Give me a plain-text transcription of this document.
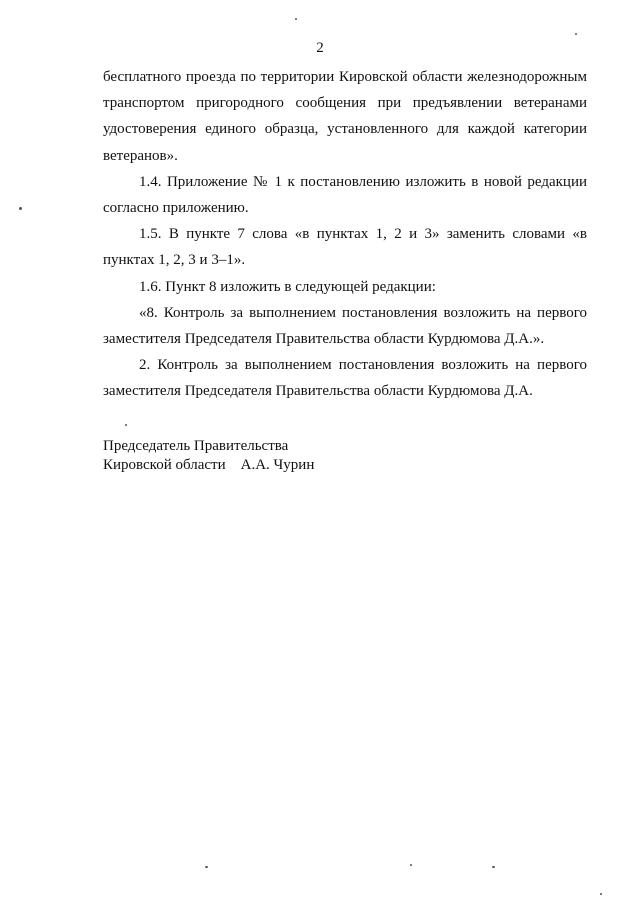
2

бесплатного проезда по территории Кировской области железнодорожным транспортом пригородного сообщения при предъявлении ветеранами удостоверения единого образца, установленного для каждой категории ветеранов».

1.4. Приложение № 1 к постановлению изложить в новой редакции согласно приложению.

1.5. В пункте 7 слова «в пунктах 1, 2 и 3» заменить словами «в пунктах 1, 2, 3 и 3–1».

1.6. Пункт 8 изложить в следующей редакции:

«8. Контроль за выполнением постановления возложить на первого заместителя Председателя Правительства области Курдюмова Д.А.».

2. Контроль за выполнением постановления возложить на первого заместителя Председателя Правительства области Курдюмова Д.А.

Председатель Правительства
Кировской области А.А. Чурин
